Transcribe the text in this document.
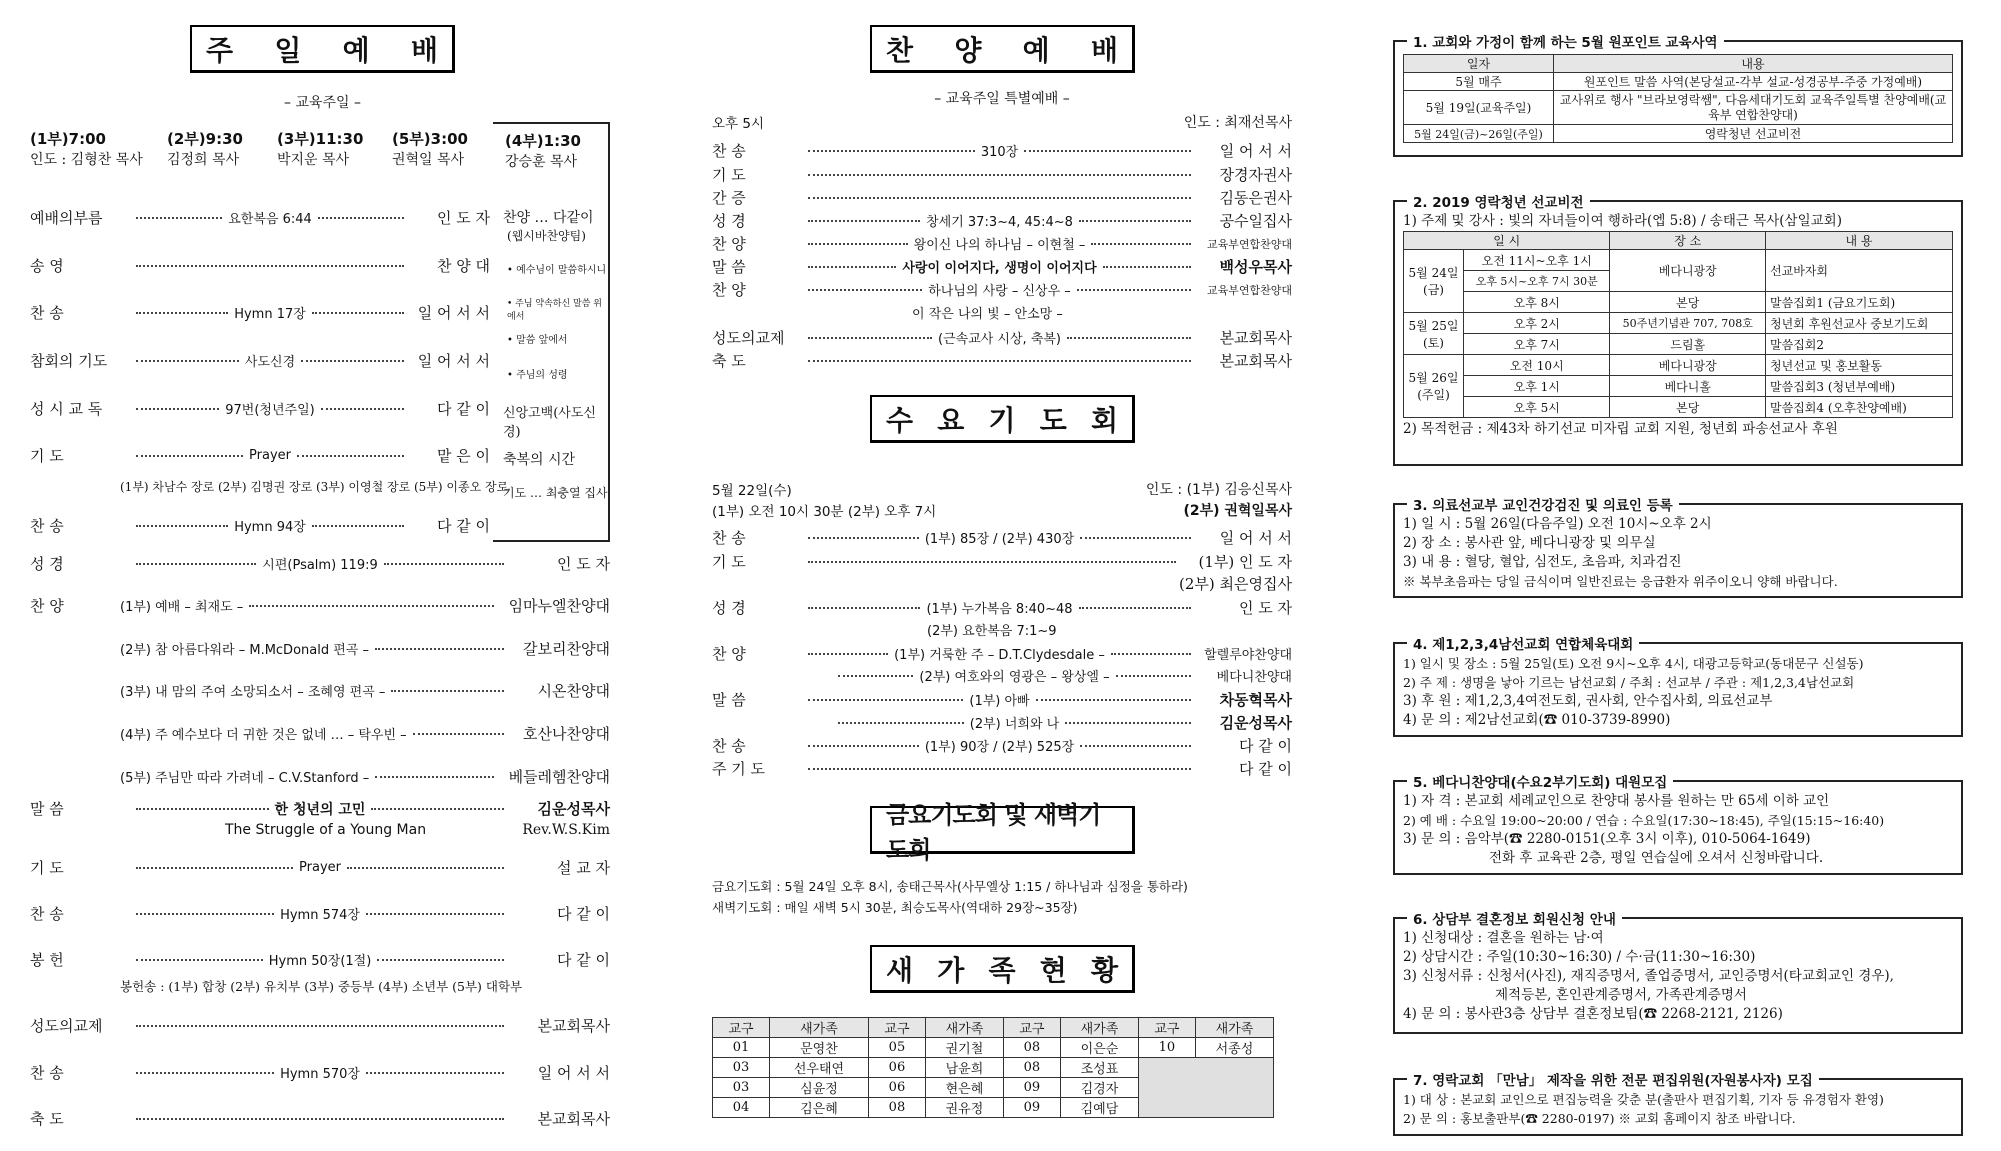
주 일 예 배
– 교육주일 –
(1부)7:00
인도 : 김형찬 목사
(2부)9:30
김정희 목사
(3부)11:30
박지운 목사
(5부)3:00
권혁일 목사
(4부)1:30
강승훈 목사
찬양 … 다같이
(웹시바찬양팀)
• 예수님이 말씀하시니
• 주님 약속하신 말씀 위에서
• 말씀 앞에서
• 주님의 성령
신앙고백(사도신경)
축복의 시간
기도 … 최충열 집사
예배의부름	요한복음 6:44	인 도 자
송 영	찬 양 대
찬 송	Hymn 17장	일 어 서 서
참회의 기도	사도신경	일 어 서 서
성 시 교 독	97번(청년주일)	다 같 이
기 도	Prayer	맡 은 이
(1부) 차남수 장로 (2부) 김명권 장로 (3부) 이영철 장로 (5부) 이종오 장로
찬 송	Hymn 94장	다 같 이
성 경	시편(Psalm) 119:9	인 도 자
찬 양	(1부) 예배 – 최재도 –	임마누엘찬양대
(2부) 참 아름다워라 – M.McDonald 편곡 –	갈보리찬양대
(3부) 내 맘의 주여 소망되소서 – 조혜영 편곡 –	시온찬양대
(4부) 주 예수보다 더 귀한 것은 없네 … – 탁우빈 –	호산나찬양대
(5부) 주님만 따라 가려네 – C.V.Stanford –	베들레헴찬양대
말 씀	한 청년의 고민	김운성목사
The Struggle of a Young Man	Rev.W.S.Kim
기 도	Prayer	설 교 자
찬 송	Hymn 574장	다 같 이
봉 헌	Hymn 50장(1절)	다 같 이
봉헌송 : (1부) 합창 (2부) 유치부 (3부) 중등부 (4부) 소년부 (5부) 대학부
성도의교제	본교회목사
찬 송	Hymn 570장	일 어 서 서
축 도	본교회목사
찬 양 예 배
– 교육주일 특별예배 –
오후 5시	인도 : 최재선목사
찬 송	310장	일 어 서 서
기 도	장경자권사
간 증	김동은권사
성 경	창세기 37:3~4, 45:4~8	공수일집사
찬 양	왕이신 나의 하나님 – 이현철 –	교육부연합찬양대
말 씀	사랑이 이어지다, 생명이 이어지다	백성우목사
찬 양	하나님의 사랑 – 신상우 –	교육부연합찬양대
이 작은 나의 빛 – 안소망 –
성도의교제	(근속교사 시상, 축복)	본교회목사
축 도	본교회목사
수 요 기 도 회
5월 22일(수)	인도 : (1부) 김응신목사
(1부) 오전 10시 30분 (2부) 오후 7시	(2부) 권혁일목사
찬 송	(1부) 85장 / (2부) 430장	일 어 서 서
기 도	(1부) 인 도 자
(2부) 최은영집사
성 경	(1부) 누가복음 8:40~48	인 도 자
(2부) 요한복음 7:1~9
찬 양	(1부) 거룩한 주 – D.T.Clydesdale –	할렐루야찬양대
(2부) 여호와의 영광은 – 왕상엘 –	베다니찬양대
말 씀	(1부) 아빠	차동혁목사
(2부) 너희와 나	김운성목사
찬 송	(1부) 90장 / (2부) 525장	다 같 이
주 기 도	다 같 이
금요기도회 및 새벽기도회
금요기도회 : 5월 24일 오후 8시, 송태근목사(사무엘상 1:15 / 하나님과 심정을 통하라)
새벽기도회 : 매일 새벽 5시 30분, 최승도목사(역대하 29장~35장)
새 가 족 현 황
교구	새가족	교구	새가족	교구	새가족	교구	새가족
01	문영찬	05	권기철	08	이은순	10	서종성
03	선우태연	06	남윤희	08	조성표		
03	심윤정	06	현은혜	09	김경자		
04	김은혜	08	권유정	09	김예담		
1. 교회와 가정이 함께 하는 5월 원포인트 교육사역
일자	내용
5월 매주	원포인트 말씀 사역(본당설교-각부 설교-성경공부-주중 가정예배)
5월 19일(교육주일)	교사위로 행사 "브라보영락쌤", 다음세대기도회 교육주일특별 찬양예배(교육부 연합찬양대)
5월 24일(금)~26일(주일)	영락청년 선교비전
2. 2019 영락청년 선교비전
1) 주제 및 강사 : 빛의 자녀들이여 행하라(엡 5:8) / 송태근 목사(삼일교회)
일 시		장 소	내 용
5월 24일(금)	오전 11시~오후 1시	베다니광장	선교바자회
	오후 5시~오후 7시 30분		
	오후 8시	본당	말씀집회1 (금요기도회)
5월 25일(토)	오후 2시	50주년기념관 707, 708호	청년회 후원선교사 중보기도회
	오후 7시	드림홀	말씀집회2
5월 26일(주일)	오전 10시	베다니광장	청년선교 및 홍보활동
	오후 1시	베다니홀	말씀집회3 (청년부예배)
	오후 5시	본당	말씀집회4 (오후찬양예배)
2) 목적헌금 : 제43차 하기선교 미자립 교회 지원, 청년회 파송선교사 후원
3. 의료선교부 교인건강검진 및 의료인 등록
1) 일 시 : 5월 26일(다음주일) 오전 10시~오후 2시
2) 장 소 : 봉사관 앞, 베다니광장 및 의무실
3) 내 용 : 혈당, 혈압, 심전도, 초음파, 치과검진
※ 복부초음파는 당일 금식이며 일반진료는 응급환자 위주이오니 양해 바랍니다.
4. 제1,2,3,4남선교회 연합체육대회
1) 일시 및 장소 : 5월 25일(토) 오전 9시~오후 4시, 대광고등학교(동대문구 신설동)
2) 주 제 : 생명을 낳아 기르는 남선교회 / 주최 : 선교부 / 주관 : 제1,2,3,4남선교회
3) 후 원 : 제1,2,3,4여전도회, 권사회, 안수집사회, 의료선교부
4) 문 의 : 제2남선교회(☎ 010-3739-8990)
5. 베다니찬양대(수요2부기도회) 대원모집
1) 자 격 : 본교회 세례교인으로 찬양대 봉사를 원하는 만 65세 이하 교인
2) 예 배 : 수요일 19:00~20:00 / 연습 : 수요일(17:30~18:45), 주일(15:15~16:40)
3) 문 의 : 음악부(☎ 2280-0151(오후 3시 이후), 010-5064-1649)
전화 후 교육관 2층, 평일 연습실에 오셔서 신청바랍니다.
6. 상담부 결혼정보 회원신청 안내
1) 신청대상 : 결혼을 원하는 남·여
2) 상담시간 : 주일(10:30~16:30) / 수·금(11:30~16:30)
3) 신청서류 : 신청서(사진), 재직증명서, 졸업증명서, 교인증명서(타교회교인 경우),
제적등본, 혼인관계증명서, 가족관계증명서
4) 문 의 : 봉사관3층 상담부 결혼정보팀(☎ 2268-2121, 2126)
7. 영락교회 「만남」 제작을 위한 전문 편집위원(자원봉사자) 모집
1) 대 상 : 본교회 교인으로 편집능력을 갖춘 분(출판사 편집기획, 기자 등 유경험자 환영)
2) 문 의 : 홍보출판부(☎ 2280-0197) ※ 교회 홈페이지 참조 바랍니다.
